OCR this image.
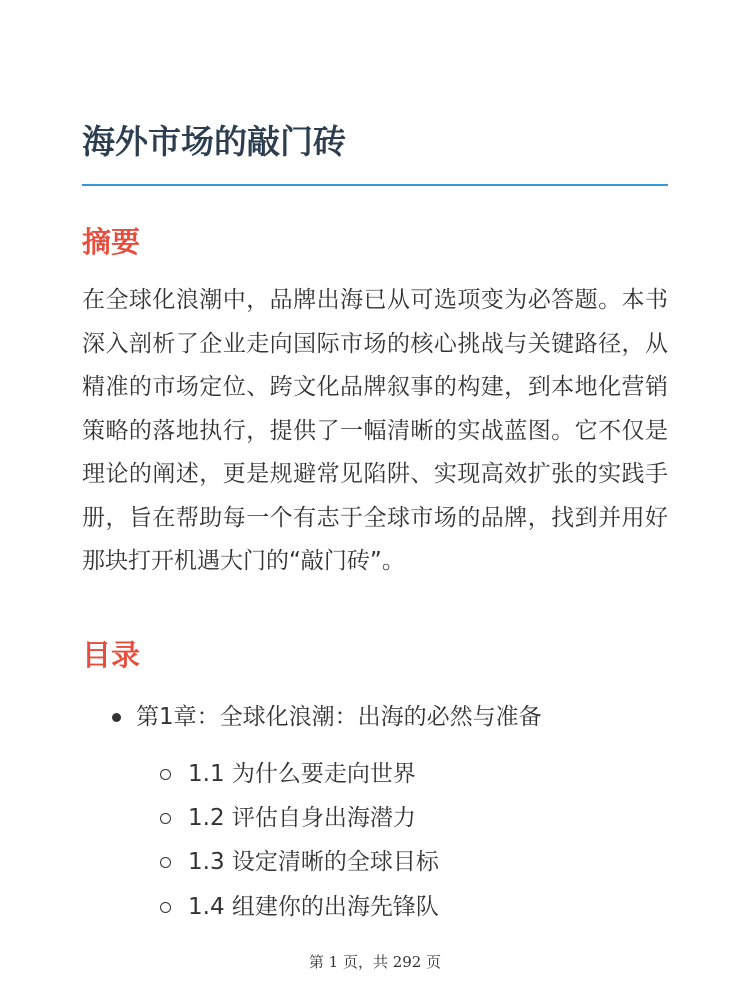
海外市场的敲门砖
摘要

在全球化浪潮中，品牌出海已从可选项变为必答题。本书深入剖析了企业走向国际市场的核心挑战与关键路径，从精准的市场定位、跨文化品牌叙事的构建，到本地化营销策略的落地执行，提供了一幅清晰的实战蓝图。它不仅是理论的阐述，更是规避常见陷阱、实现高效扩张的实践手册，旨在帮助每一个有志于全球市场的品牌，找到并用好那块打开机遇大门的“敲门砖”。

目录
第1章：全球化浪潮：出海的必然与准备
1.1 为什么要走向世界
1.2 评估自身出海潜力
1.3 设定清晰的全球目标
1.4 组建你的出海先锋队
第 1 页，共 292 页
